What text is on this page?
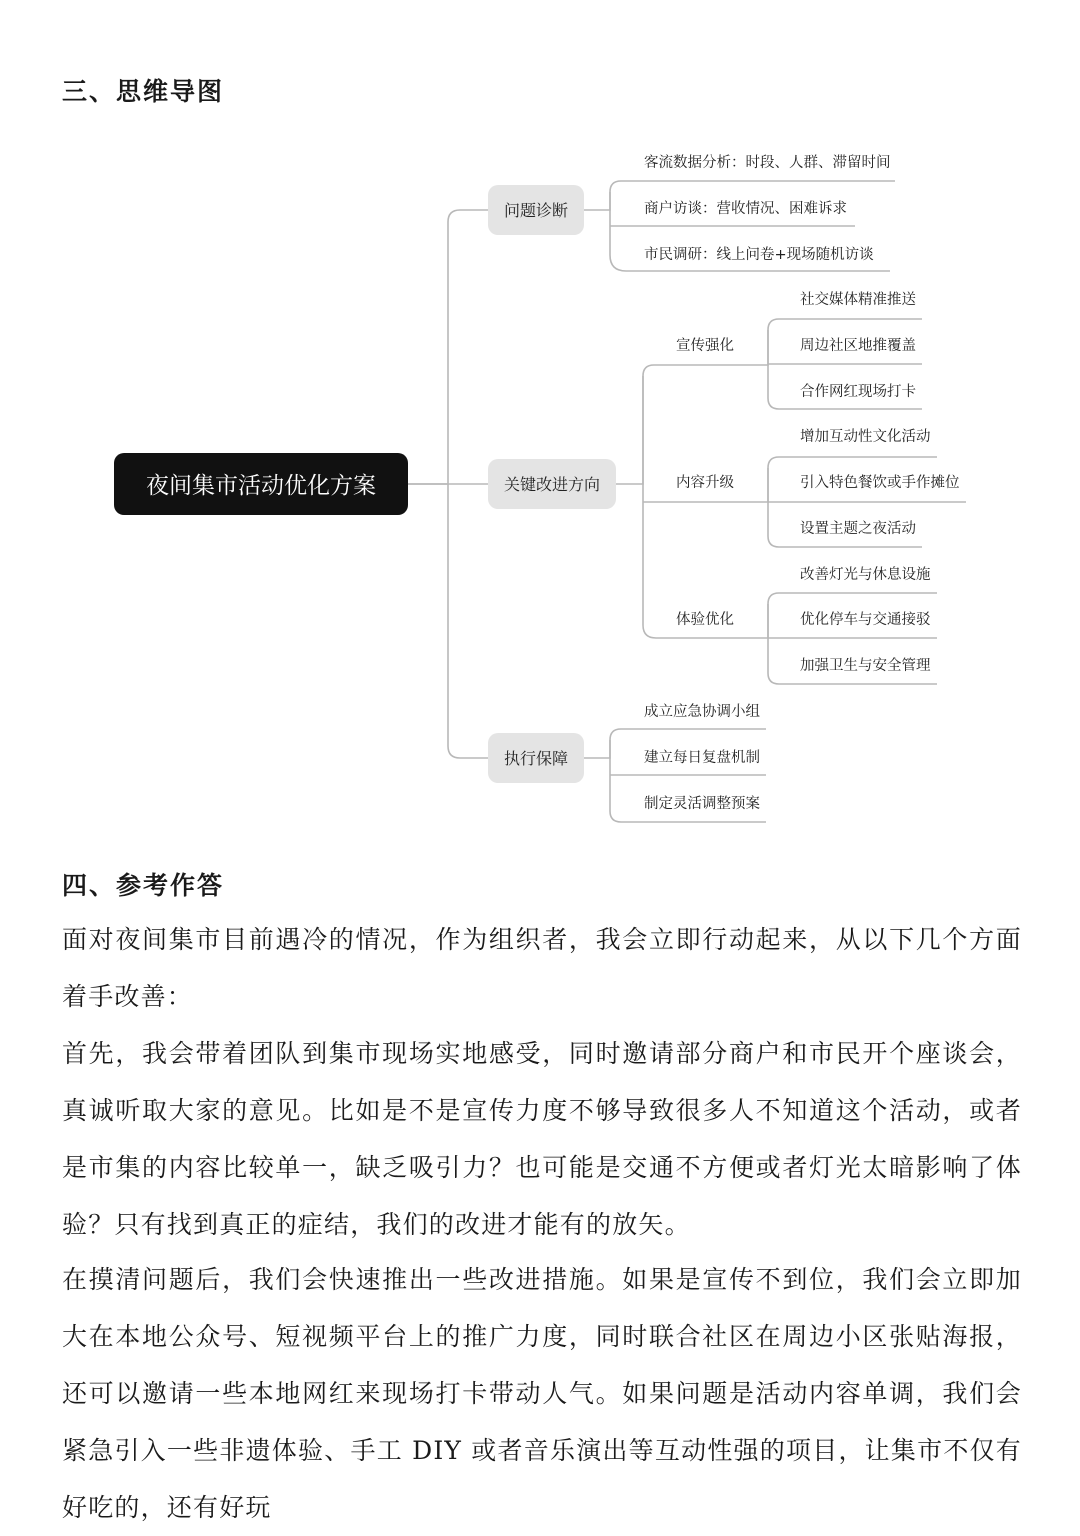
三、思维导图
夜间集市活动优化方案
问题诊断
关键改进方向
执行保障
客流数据分析：时段、人群、滞留时间
商户访谈：营收情况、困难诉求
市民调研：线上问卷+现场随机访谈
宣传强化
内容升级
体验优化
社交媒体精准推送
周边社区地推覆盖
合作网红现场打卡
增加互动性文化活动
引入特色餐饮或手作摊位
设置主题之夜活动
改善灯光与休息设施
优化停车与交通接驳
加强卫生与安全管理
成立应急协调小组
建立每日复盘机制
制定灵活调整预案
四、参考作答

面对夜间集市目前遇冷的情况，作为组织者，我会立即行动起来，从以下几个方面着手改善：

首先，我会带着团队到集市现场实地感受，同时邀请部分商户和市民开个座谈会，真诚听取大家的意见。比如是不是宣传力度不够导致很多人不知道这个活动，或者是市集的内容比较单一，缺乏吸引力？也可能是交通不方便或者灯光太暗影响了体验？只有找到真正的症结，我们的改进才能有的放矢。

在摸清问题后，我们会快速推出一些改进措施。如果是宣传不到位，我们会立即加大在本地公众号、短视频平台上的推广力度，同时联合社区在周边小区张贴海报，还可以邀请一些本地网红来现场打卡带动人气。如果问题是活动内容单调，我们会紧急引入一些非遗体验、手工 DIY 或者音乐演出等互动性强的项目，让集市不仅有好吃的，还有好玩
